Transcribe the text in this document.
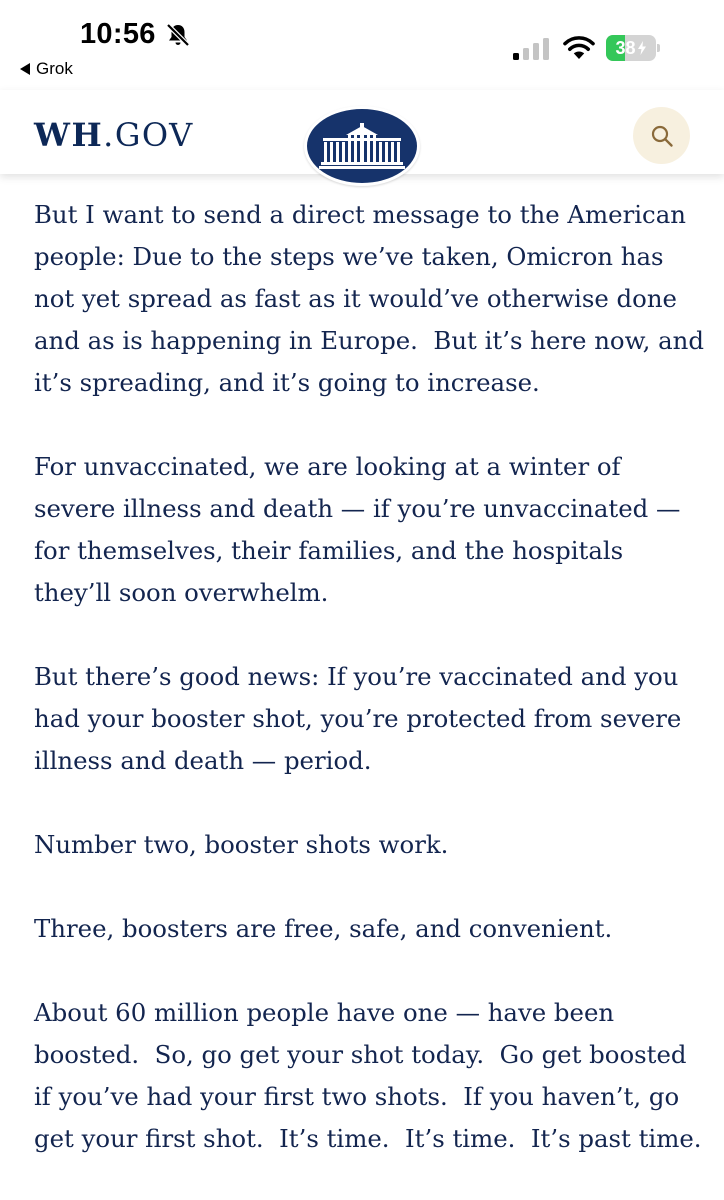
10:56
Grok
38
WH.GOV

But I want to send a direct message to the American people: Due to the steps we’ve taken, Omicron has not yet spread as fast as it would’ve otherwise done and as is happening in Europe.  But it’s here now, and it’s spreading, and it’s going to increase.

For unvaccinated, we are looking at a winter of severe illness and death — if you’re unvaccinated — for themselves, their families, and the hospitals they’ll soon overwhelm.

But there’s good news: If you’re vaccinated and you had your booster shot, you’re protected from severe illness and death — period.

Number two, booster shots work.

Three, boosters are free, safe, and convenient.

About 60 million people have one — have been boosted.  So, go get your shot today.  Go get boosted if you’ve had your first two shots.  If you haven’t, go get your first shot.  It’s time.  It’s time.  It’s past time.
